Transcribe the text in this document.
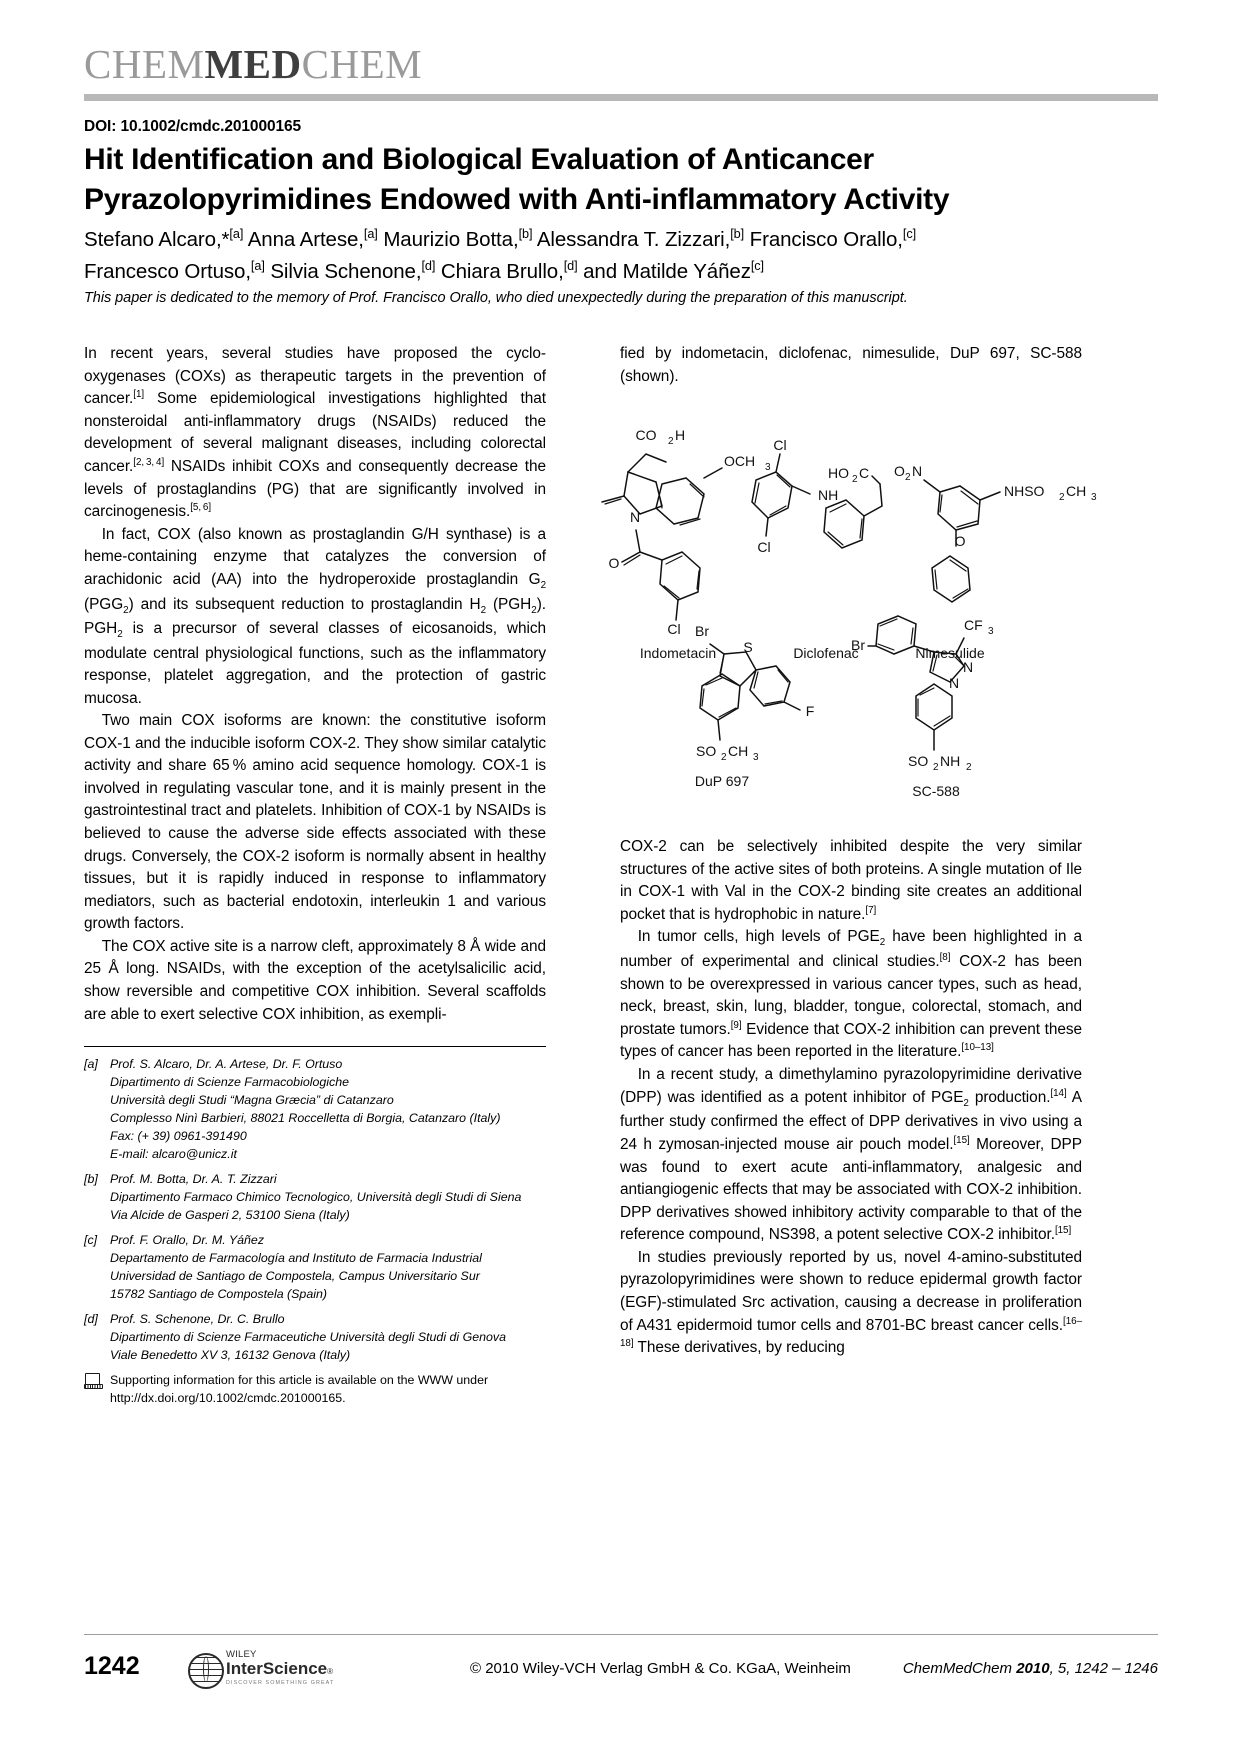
CHEMMEDCHEM
DOI: 10.1002/cmdc.201000165
Hit Identification and Biological Evaluation of Anticancer
Pyrazolopyrimidines Endowed with Anti-inflammatory Activity
Stefano Alcaro,*[a] Anna Artese,[a] Maurizio Botta,[b] Alessandra T. Zizzari,[b] Francisco Orallo,[c]
Francesco Ortuso,[a] Silvia Schenone,[d] Chiara Brullo,[d] and Matilde Yáñez[c]
This paper is dedicated to the memory of Prof. Francisco Orallo, who died unexpectedly during the preparation of this manuscript.

In recent years, several studies have proposed the cyclo-oxygenases (COXs) as therapeutic targets in the prevention of cancer.[1] Some epidemiological investigations highlighted that nonsteroidal anti-inflammatory drugs (NSAIDs) reduced the development of several malignant diseases, including colorectal cancer.[2, 3, 4] NSAIDs inhibit COXs and consequently decrease the levels of prostaglandins (PG) that are significantly involved in carcinogenesis.[5, 6]

In fact, COX (also known as prostaglandin G/H synthase) is a heme-containing enzyme that catalyzes the conversion of arachidonic acid (AA) into the hydroperoxide prostaglandin $G_2$ $(PGG_2)$ and its subsequent reduction to prostaglandin $H_2$ $(PGH_2)$. $PGH_2$ is a precursor of several classes of eicosanoids, which modulate central physiological functions, such as the inflammatory response, platelet aggregation, and the protection of gastric mucosa.

Two main COX isoforms are known: the constitutive isoform COX-1 and the inducible isoform COX-2. They show similar catalytic activity and share 65 % amino acid sequence homology. COX-1 is involved in regulating vascular tone, and it is mainly present in the gastrointestinal tract and platelets. Inhibition of COX-1 by NSAIDs is believed to cause the adverse side effects associated with these drugs. Conversely, the COX-2 isoform is normally absent in healthy tissues, but it is rapidly induced in response to inflammatory mediators, such as bacterial endotoxin, interleukin 1 and various growth factors.

The COX active site is a narrow cleft, approximately 8 Å wide and 25 Å long. NSAIDs, with the exception of the acetylsalicilic acid, show reversible and competitive COX inhibition. Several scaffolds are able to exert selective COX inhibition, as exempli-

fied by indometacin, diclofenac, nimesulide, DuP 697, SC-588 (shown).

CO 2 H
N
OCH 3
O
Cl
Indometacin
Cl
Cl
NH
HO 2 C
Diclofenac
O 2 N
NHSO 2 CH 3
O
Nimesulide
Br
S
F
SO 2 CH 3
DuP 697
CF 3
N
N
Br
SO 2 NH 2
SC-588

COX-2 can be selectively inhibited despite the very similar structures of the active sites of both proteins. A single mutation of Ile in COX-1 with Val in the COX-2 binding site creates an additional pocket that is hydrophobic in nature.[7]

In tumor cells, high levels of $PGE_2$ have been highlighted in a number of experimental and clinical studies.[8] COX-2 has been shown to be overexpressed in various cancer types, such as head, neck, breast, skin, lung, bladder, tongue, colorectal, stomach, and prostate tumors.[9] Evidence that COX-2 inhibition can prevent these types of cancer has been reported in the literature.[10–13]

In a recent study, a dimethylamino pyrazolopyrimidine derivative (DPP) was identified as a potent inhibitor of $PGE_2$ production.[14] A further study confirmed the effect of DPP derivatives in vivo using a 24 h zymosan-injected mouse air pouch model.[15] Moreover, DPP was found to exert acute anti-inflammatory, analgesic and antiangiogenic effects that may be associated with COX-2 inhibition. DPP derivatives showed inhibitory activity comparable to that of the reference compound, NS398, a potent selective COX-2 inhibitor.[15]

In studies previously reported by us, novel 4-amino-substituted pyrazolopyrimidines were shown to reduce epidermal growth factor (EGF)-stimulated Src activation, causing a decrease in proliferation of A431 epidermoid tumor cells and 8701-BC breast cancer cells.[16–18] These derivatives, by reducing

[a] Prof. S. Alcaro, Dr. A. Artese, Dr. F. Ortuso
Dipartimento di Scienze Farmacobiologiche
Università degli Studi “Magna Græcia” di Catanzaro
Complesso Ninì Barbieri, 88021 Roccelletta di Borgia, Catanzaro (Italy)
Fax: (+ 39) 0961-391490
E-mail: alcaro@unicz.it
[b] Prof. M. Botta, Dr. A. T. Zizzari
Dipartimento Farmaco Chimico Tecnologico, Università degli Studi di Siena
Via Alcide de Gasperi 2, 53100 Siena (Italy)
[c]	Prof. F. Orallo, Dr. M. Yáñez
Departamento de Farmacología and Instituto de Farmacia Industrial
Universidad de Santiago de Compostela, Campus Universitario Sur
15782 Santiago de Compostela (Spain)
[d] Prof. S. Schenone, Dr. C. Brullo
Dipartimento di Scienze Farmaceutiche Università degli Studi di Genova
Viale Benedetto XV 3, 16132 Genova (Italy)
Supporting information for this article is available on the WWW under
http://dx.doi.org/10.1002/cmdc.201000165.
1242	WILEY
Inter Science ®
DISCOVER SOMETHING GREAT
© 2010 Wiley-VCH Verlag GmbH & Co. KGaA, Weinheim	ChemMedChem 2010, 5, 1242 – 1246
